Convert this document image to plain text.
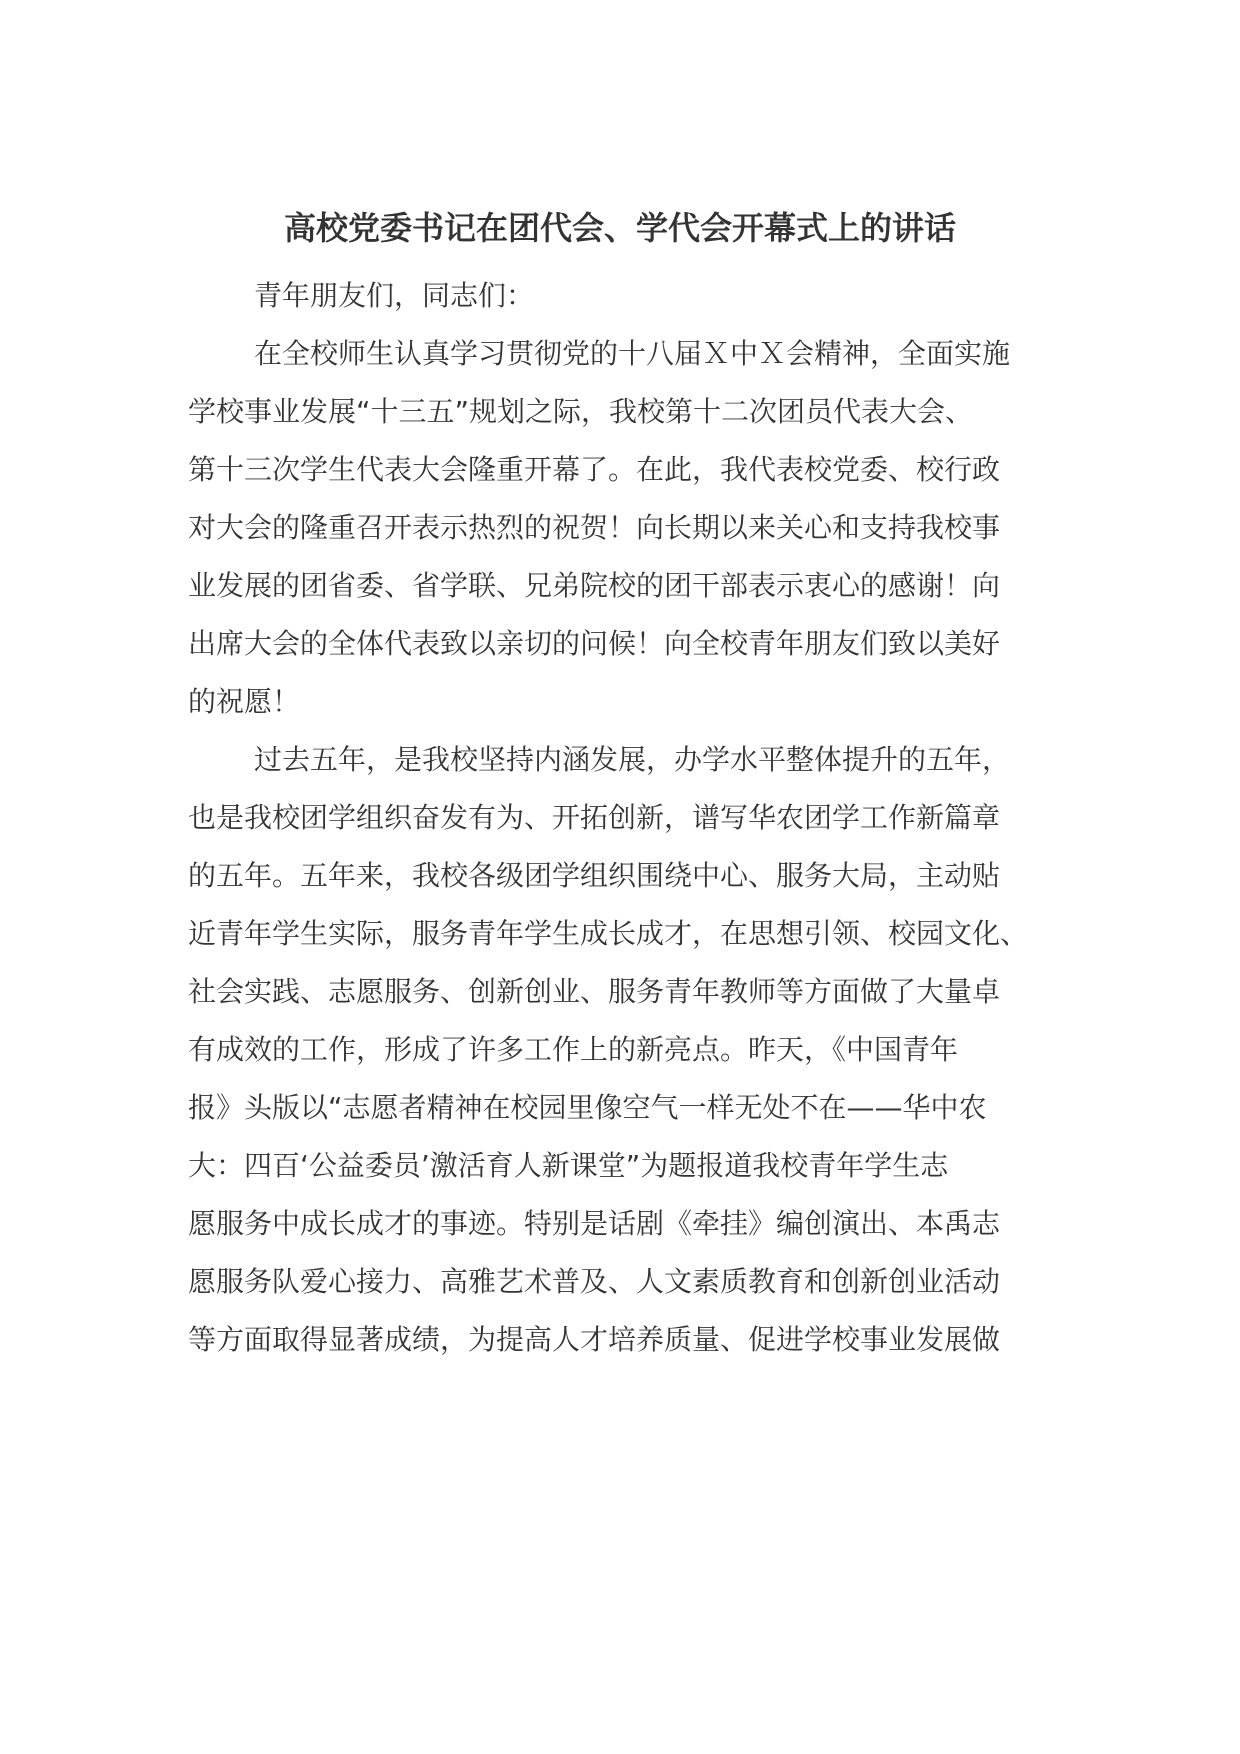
高校党委书记在团代会、学代会开幕式上的讲话
青年朋友们，同志们：
在全校师生认真学习贯彻党的十八届Ｘ中Ｘ会精神，全面实施
学校事业发展“十三五”规划之际，我校第十二次团员代表大会、
第十三次学生代表大会隆重开幕了。在此，我代表校党委、校行政
对大会的隆重召开表示热烈的祝贺！向长期以来关心和支持我校事
业发展的团省委、省学联、兄弟院校的团干部表示衷心的感谢！向
出席大会的全体代表致以亲切的问候！向全校青年朋友们致以美好
的祝愿！
过去五年，是我校坚持内涵发展，办学水平整体提升的五年，
也是我校团学组织奋发有为、开拓创新，谱写华农团学工作新篇章
的五年。五年来，我校各级团学组织围绕中心、服务大局，主动贴
近青年学生实际，服务青年学生成长成才，在思想引领、校园文化、
社会实践、志愿服务、创新创业、服务青年教师等方面做了大量卓
有成效的工作，形成了许多工作上的新亮点。昨天，《中国青年
报》头版以“志愿者精神在校园里像空气一样无处不在——华中农
大：四百‘公益委员’激活育人新课堂”为题报道我校青年学生志
愿服务中成长成才的事迹。特别是话剧《牵挂》编创演出、本禹志
愿服务队爱心接力、高雅艺术普及、人文素质教育和创新创业活动
等方面取得显著成绩，为提高人才培养质量、促进学校事业发展做
